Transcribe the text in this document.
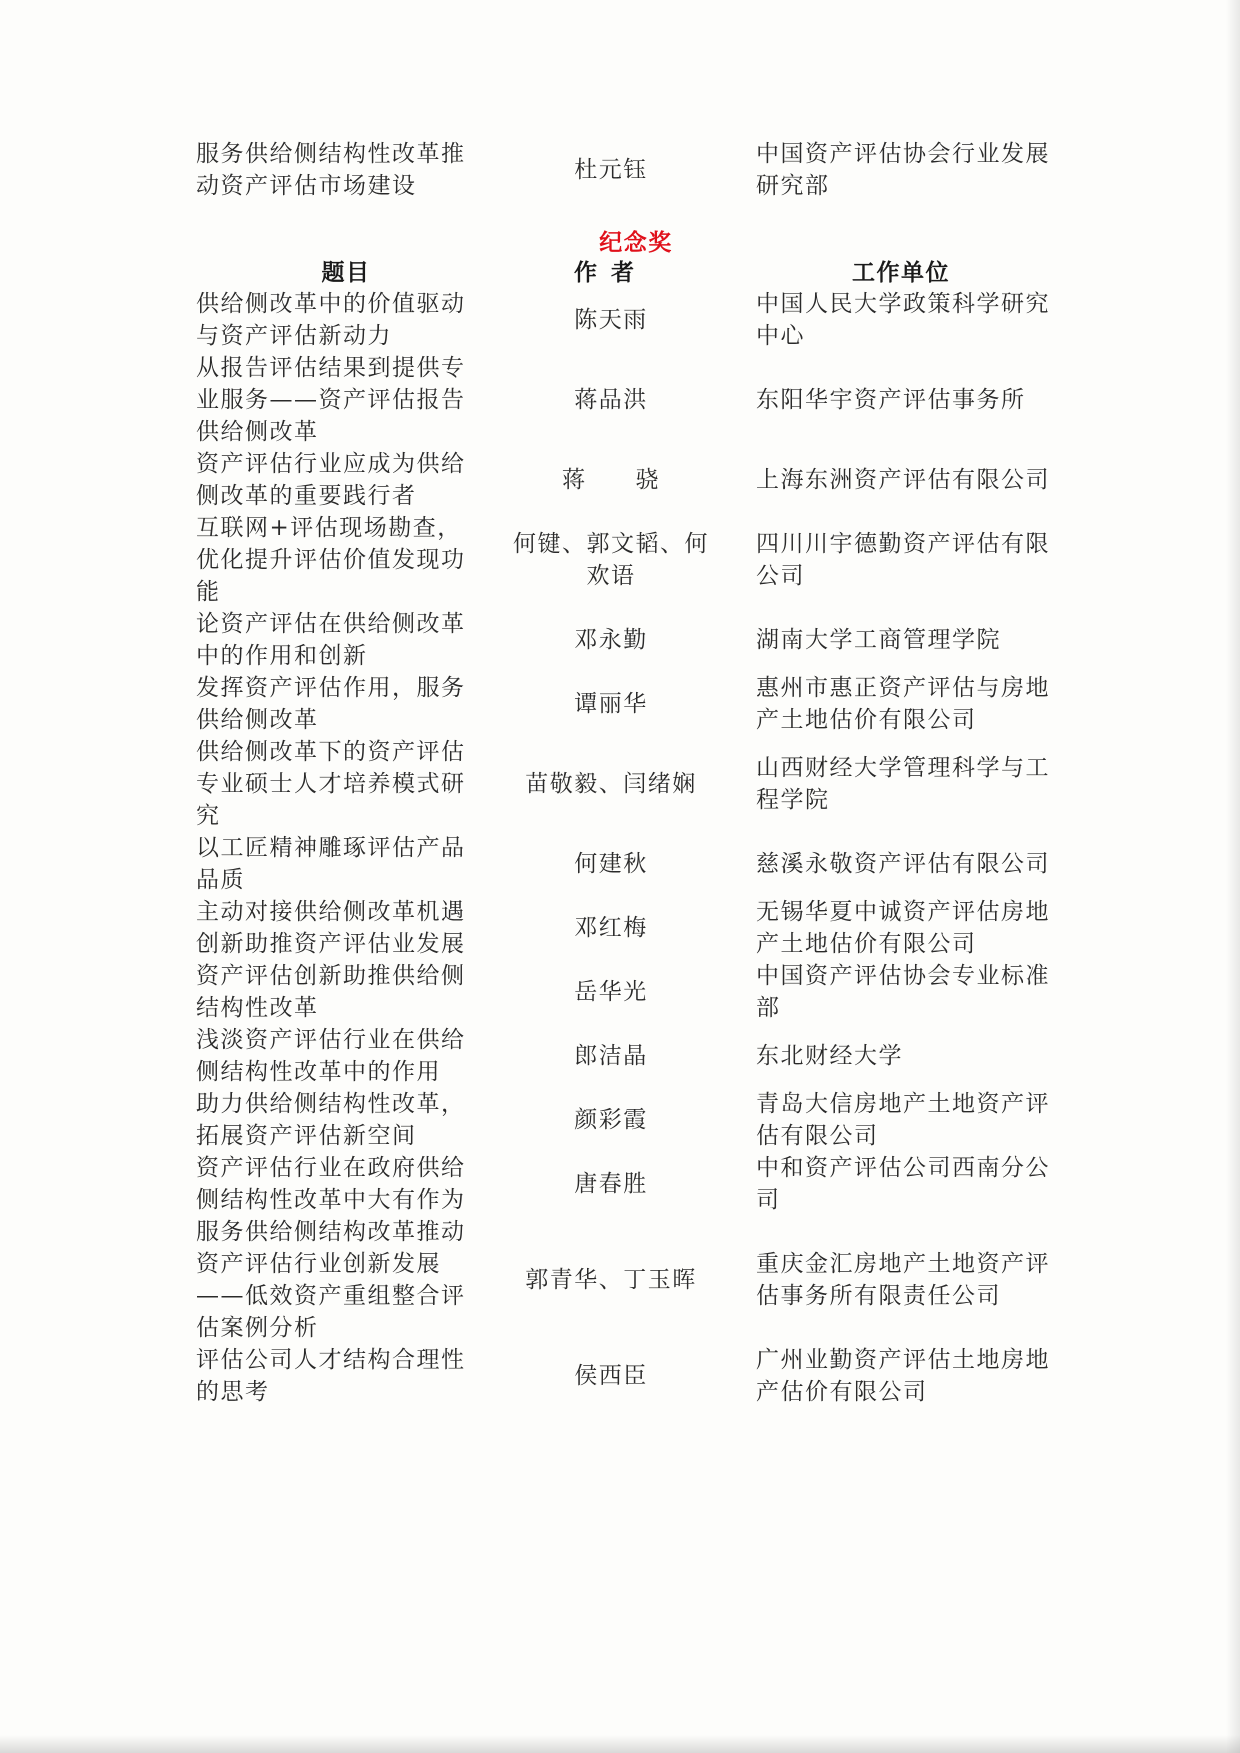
服务供给侧结构性改革推动资产评估市场建设	杜元钰	中国资产评估协会行业发展研究部
纪念奖		
题目	作者	工作单位
供给侧改革中的价值驱动与资产评估新动力	陈天雨	中国人民大学政策科学研究中心
从报告评估结果到提供专业服务——资产评估报告供给侧改革	蒋品洪	东阳华宇资产评估事务所
资产评估行业应成为供给侧改革的重要践行者	蒋　　骁	上海东洲资产评估有限公司
互联网+评估现场勘查，优化提升评估价值发现功能	何键、郭文韬、何欢语	四川川宇德勤资产评估有限公司
论资产评估在供给侧改革中的作用和创新	邓永勤	湖南大学工商管理学院
发挥资产评估作用，服务供给侧改革	谭丽华	惠州市惠正资产评估与房地产土地估价有限公司
供给侧改革下的资产评估专业硕士人才培养模式研究	苗敬毅、闫绪娴	山西财经大学管理科学与工程学院
以工匠精神雕琢评估产品品质	何建秋	慈溪永敬资产评估有限公司
主动对接供给侧改革机遇创新助推资产评估业发展	邓红梅	无锡华夏中诚资产评估房地产土地估价有限公司
资产评估创新助推供给侧结构性改革	岳华光	中国资产评估协会专业标准部
浅淡资产评估行业在供给侧结构性改革中的作用	郎洁晶	东北财经大学
助力供给侧结构性改革，拓展资产评估新空间	颜彩霞	青岛大信房地产土地资产评估有限公司
资产评估行业在政府供给侧结构性改革中大有作为	唐春胜	中和资产评估公司西南分公司
服务供给侧结构改革推动资产评估行业创新发展——低效资产重组整合评估案例分析	郭青华、丁玉晖	重庆金汇房地产土地资产评估事务所有限责任公司
评估公司人才结构合理性的思考	侯西臣	广州业勤资产评估土地房地产估价有限公司
